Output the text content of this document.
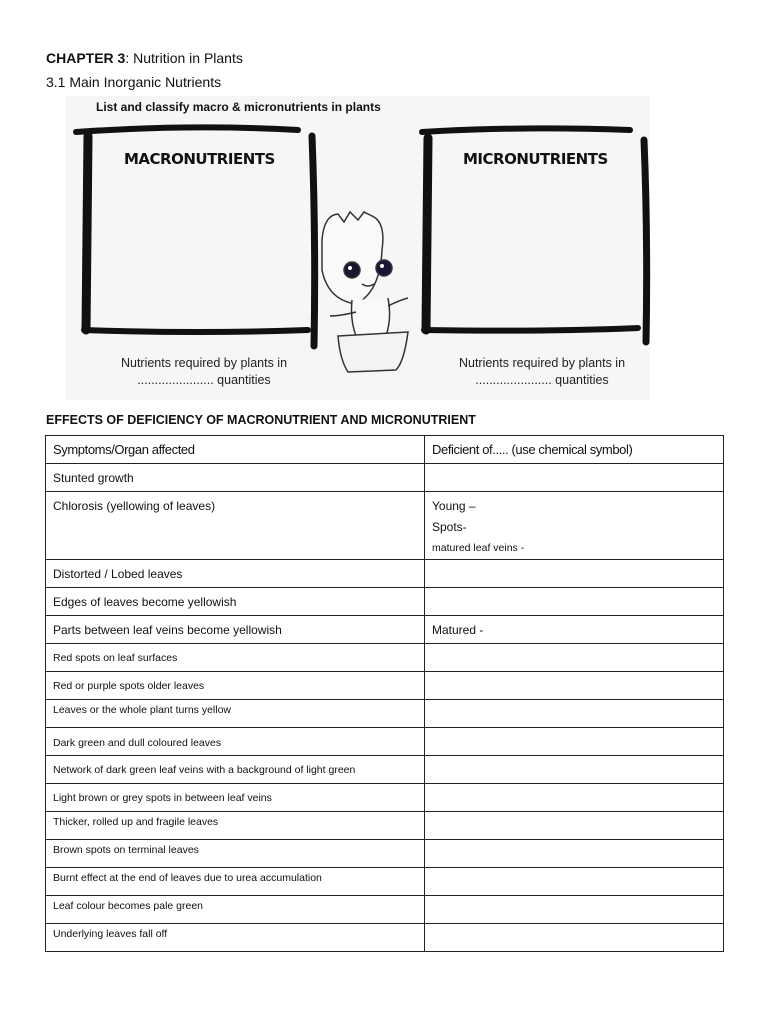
CHAPTER 3: Nutrition in Plants
3.1 Main Inorganic Nutrients
List and classify macro & micronutrients in plants
MACRONUTRIENTS	MICRONUTRIENTS
Nutrients required by plants in
...................... quantities
Nutrients required by plants in
...................... quantities
EFFECTS OF DEFICIENCY OF MACRONUTRIENT AND MICRONUTRIENT
Symptoms/Organ affected	Deficient of..... (use chemical symbol)

Stunted growth	

Chlorosis (yellowing of leaves)	Young –
Spots-
matured leaf veins -

Distorted / Lobed leaves	

Edges of leaves become yellowish	

Parts between leaf veins become yellowish	Matured -

Red spots on leaf surfaces	

Red or purple spots older leaves	

Leaves or the whole plant turns yellow	

Dark green and dull coloured leaves	

Network of dark green leaf veins with a background of light green	

Light brown or grey spots in between leaf veins	

Thicker, rolled up and fragile leaves	

Brown spots on terminal leaves	

Burnt effect at the end of leaves due to urea accumulation	

Leaf colour becomes pale green	

Underlying leaves fall off	
